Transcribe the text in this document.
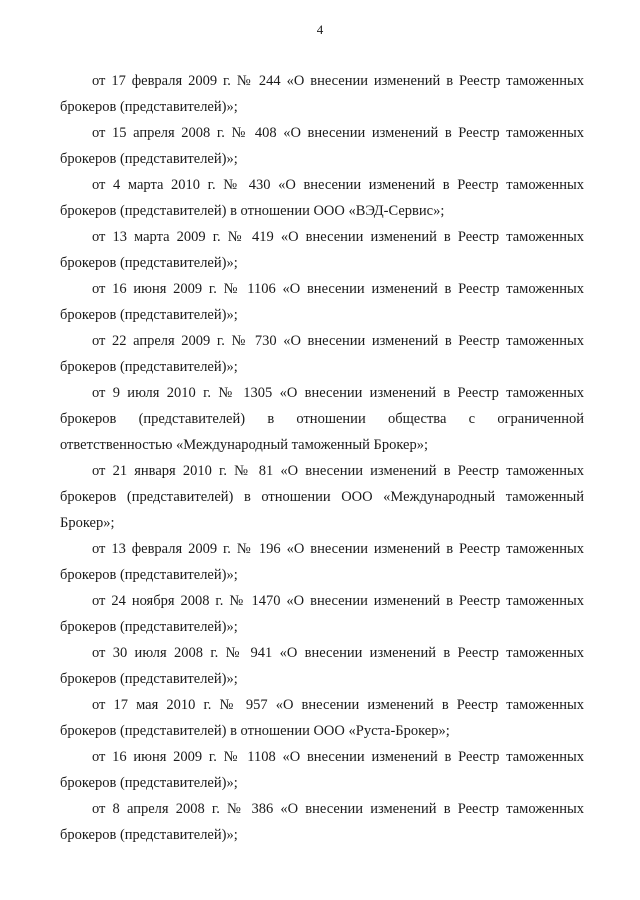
4

от 17 февраля 2009 г. № 244 «О внесении изменений в Реестр таможенных брокеров (представителей)»;

от 15 апреля 2008 г. № 408 «О внесении изменений в Реестр таможенных брокеров (представителей)»;

от 4 марта 2010 г. № 430 «О внесении изменений в Реестр таможенных брокеров (представителей) в отношении ООО «ВЭД-Сервис»;

от 13 марта 2009 г. № 419 «О внесении изменений в Реестр таможенных брокеров (представителей)»;

от 16 июня 2009 г. № 1106 «О внесении изменений в Реестр таможенных брокеров (представителей)»;

от 22 апреля 2009 г. № 730 «О внесении изменений в Реестр таможенных брокеров (представителей)»;

от 9 июля 2010 г. № 1305 «О внесении изменений в Реестр таможенных брокеров (представителей) в отношении общества с ограниченной ответственностью «Международный таможенный Брокер»;

от 21 января 2010 г. № 81 «О внесении изменений в Реестр таможенных брокеров (представителей) в отношении ООО «Международный таможенный Брокер»;

от 13 февраля 2009 г. № 196 «О внесении изменений в Реестр таможенных брокеров (представителей)»;

от 24 ноября 2008 г. № 1470 «О внесении изменений в Реестр таможенных брокеров (представителей)»;

от 30 июля 2008 г. № 941 «О внесении изменений в Реестр таможенных брокеров (представителей)»;

от 17 мая 2010 г. № 957 «О внесении изменений в Реестр таможенных брокеров (представителей) в отношении ООО «Руста-Брокер»;

от 16 июня 2009 г. № 1108 «О внесении изменений в Реестр таможенных брокеров (представителей)»;

от 8 апреля 2008 г. № 386 «О внесении изменений в Реестр таможенных брокеров (представителей)»;
